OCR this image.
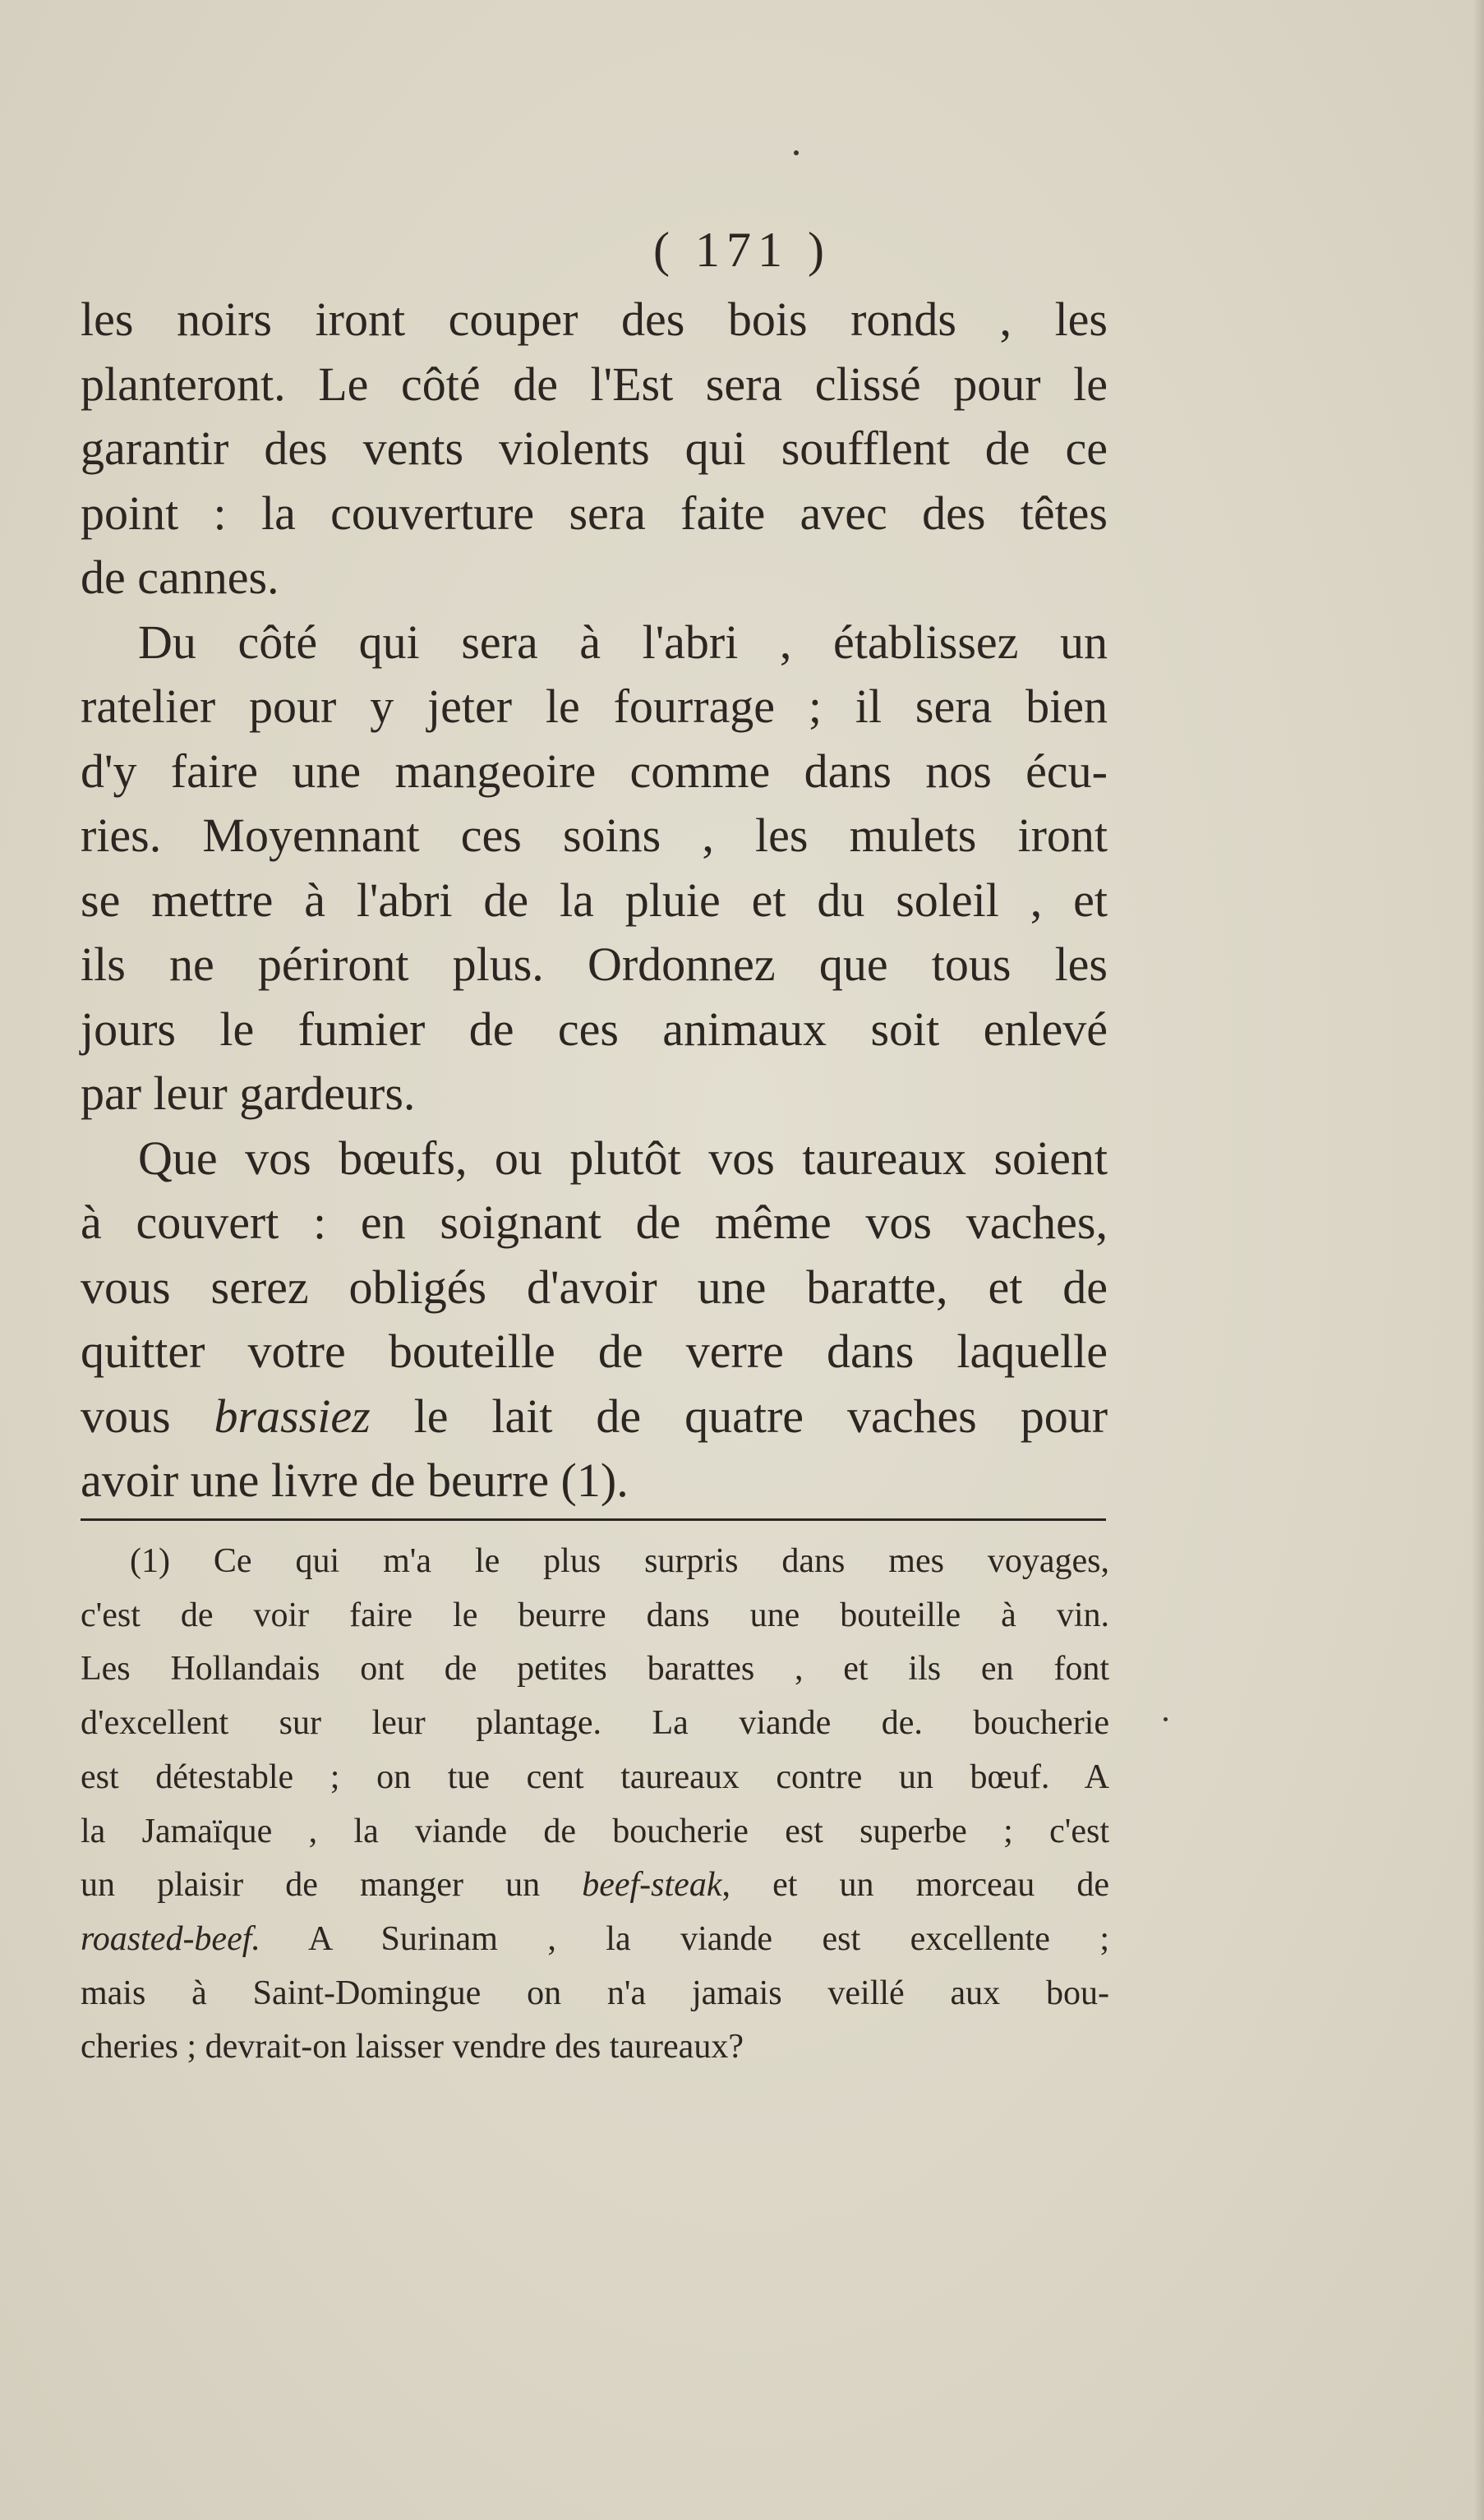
( 171 )
les noirs iront couper des bois ronds , les
planteront. Le côté de l'Est sera clissé pour le
garantir des vents violents qui soufflent de ce
point : la couverture sera faite avec des têtes
de cannes.
Du côté qui sera à l'abri , établissez un
ratelier pour y jeter le fourrage ; il sera bien
d'y faire une mangeoire comme dans nos écu-
ries. Moyennant ces soins , les mulets iront
se mettre à l'abri de la pluie et du soleil , et
ils ne périront plus. Ordonnez que tous les
jours le fumier de ces animaux soit enlevé
par leur gardeurs.
Que vos bœufs, ou plutôt vos taureaux soient
à couvert : en soignant de même vos vaches,
vous serez obligés d'avoir une baratte, et de
quitter votre bouteille de verre dans laquelle
vous brassiez le lait de quatre vaches pour
avoir une livre de beurre (1).
(1) Ce qui m'a le plus surpris dans mes voyages,
c'est de voir faire le beurre dans une bouteille à vin.
Les Hollandais ont de petites barattes , et ils en font
d'excellent sur leur plantage. La viande de. boucherie
est détestable ; on tue cent taureaux contre un bœuf. A
la Jamaïque , la viande de boucherie est superbe ; c'est
un plaisir de manger un beef-steak, et un morceau de
roasted-beef. A Surinam , la viande est excellente ;
mais à Saint-Domingue on n'a jamais veillé aux bou-
cheries ; devrait-on laisser vendre des taureaux?
